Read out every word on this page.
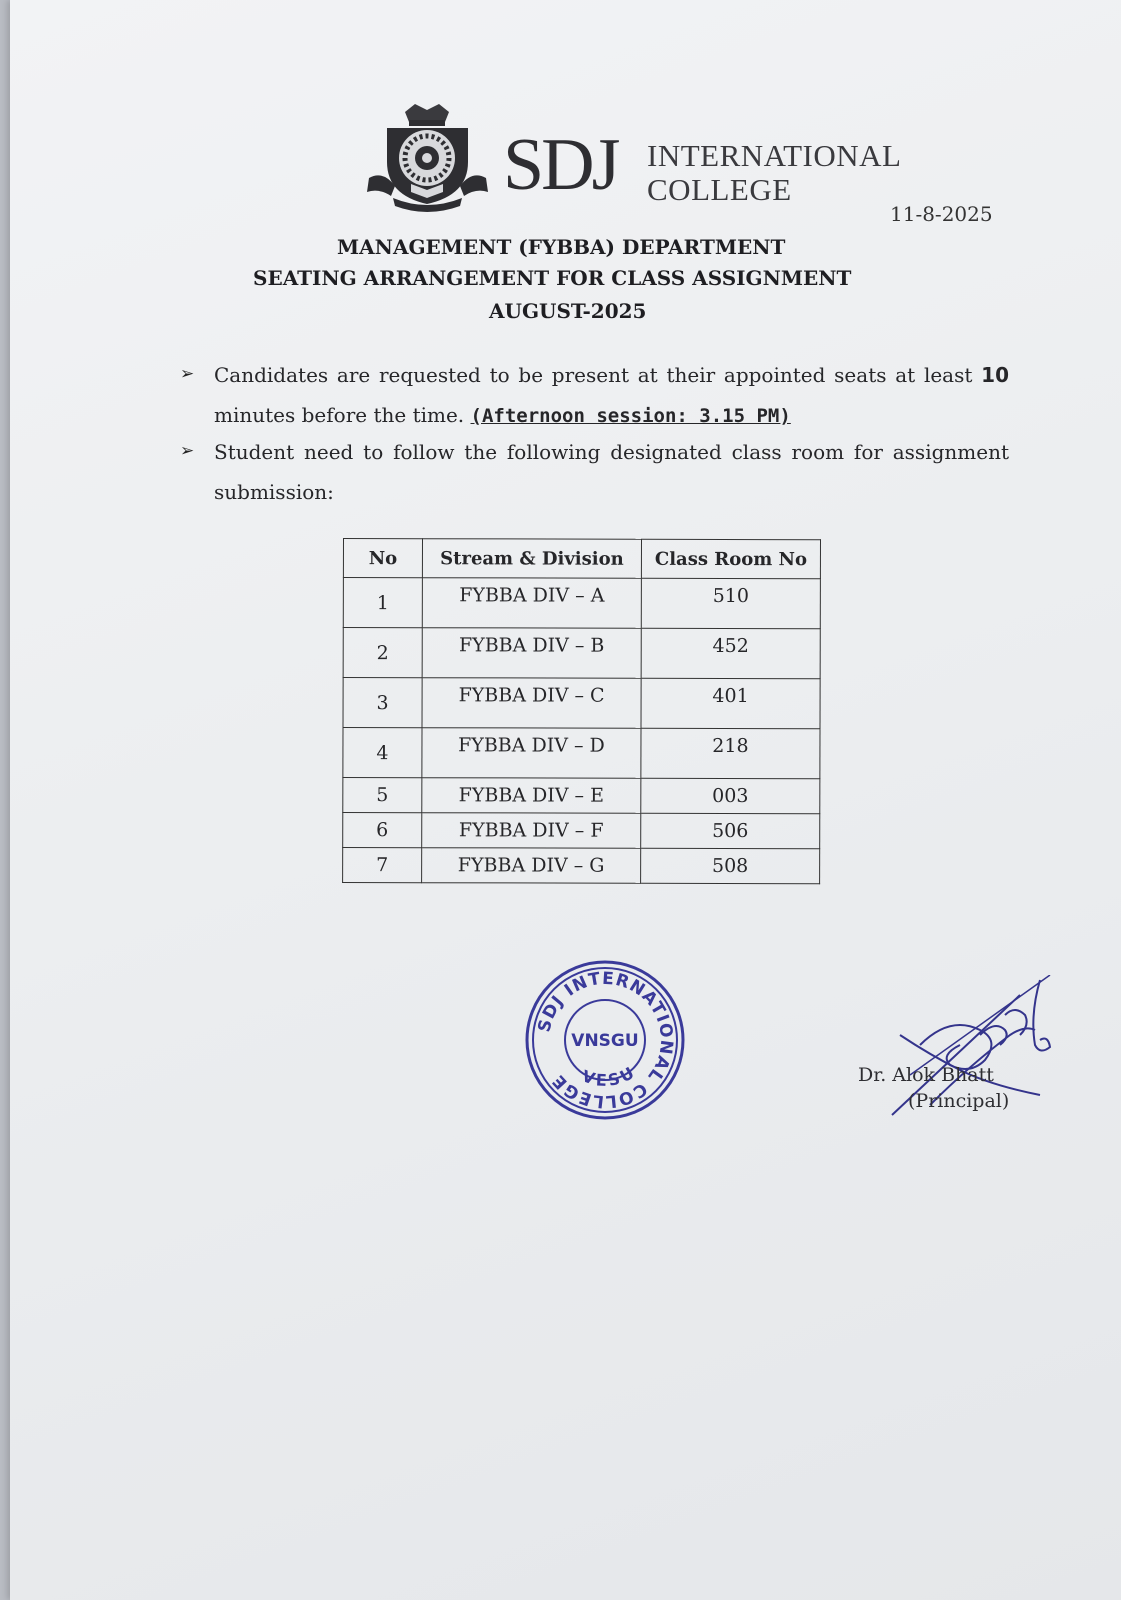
SDJ INTERNATIONAL
COLLEGE
11-8-2025
MANAGEMENT (FYBBA) DEPARTMENT
SEATING ARRANGEMENT FOR CLASS ASSIGNMENT
AUGUST-2025
➢ Candidates are requested to be present at their appointed seats at least 10 minutes before the time. (Afternoon session: 3.15 PM)
➢ Student need to follow the following designated class room for assignment submission:
No	Stream & Division	Class Room No
1	FYBBA DIV – A	510
2	FYBBA DIV – B	452
3	FYBBA DIV – C	401
4	FYBBA DIV – D	218
5	FYBBA DIV – E	003
6	FYBBA DIV – F	506
7	FYBBA DIV – G	508
SDJ INTERNATIONAL COLLEGE VESU
VNSGU
Dr. Alok Bhatt
(Principal)
